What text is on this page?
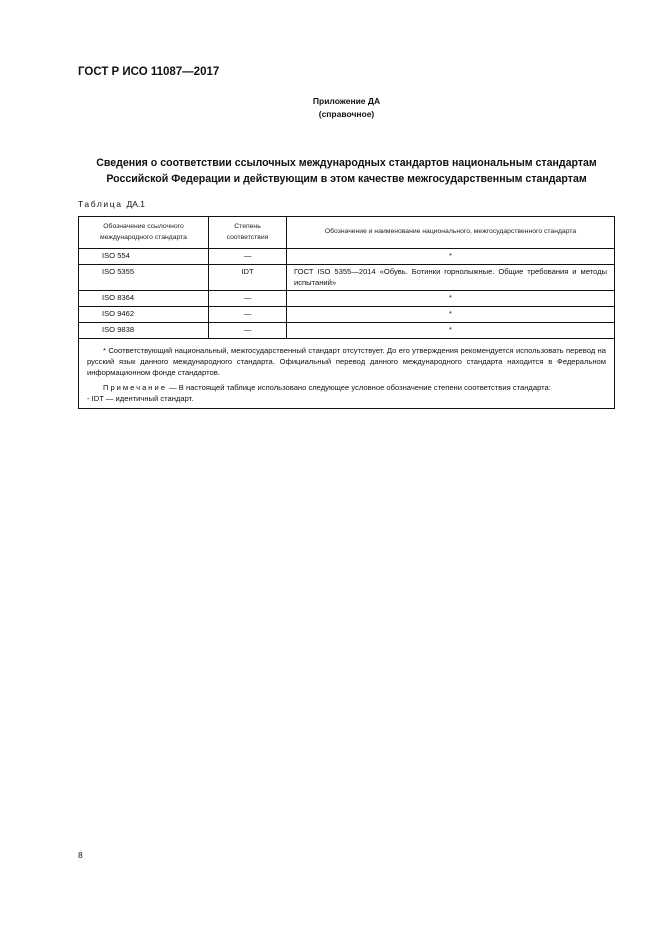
ГОСТ Р ИСО 11087—2017
Приложение ДА
(справочное)
Сведения о соответствии ссылочных международных стандартов национальным стандартам
Российской Федерации и действующим в этом качестве межгосударственным стандартам
Таблица ДА.1
Обозначение ссылочного международного стандарта	Степень соответствия	Обозначение и наименование национального, межгосударственного стандарта
ISO 554	—	*
ISO 5355	IDT	ГОСТ ISO 5355—2014 «Обувь. Ботинки горнолыжные. Общие требования и методы испытаний»
ISO 8364	—	*
ISO 9462	—	*
ISO 9838	—	*

* Соответствующий национальный, межгосударственный стандарт отсутствует. До его утверждения рекомендуется использовать перевод на русский язык данного международного стандарта. Официальный перевод данного международного стандарта находится в Федеральном информационном фонде стандартов.

Примечание — В настоящей таблице использовано следующее условное обозначение степени соответствия стандарта:

- IDT — идентичный стандарт.		
8
